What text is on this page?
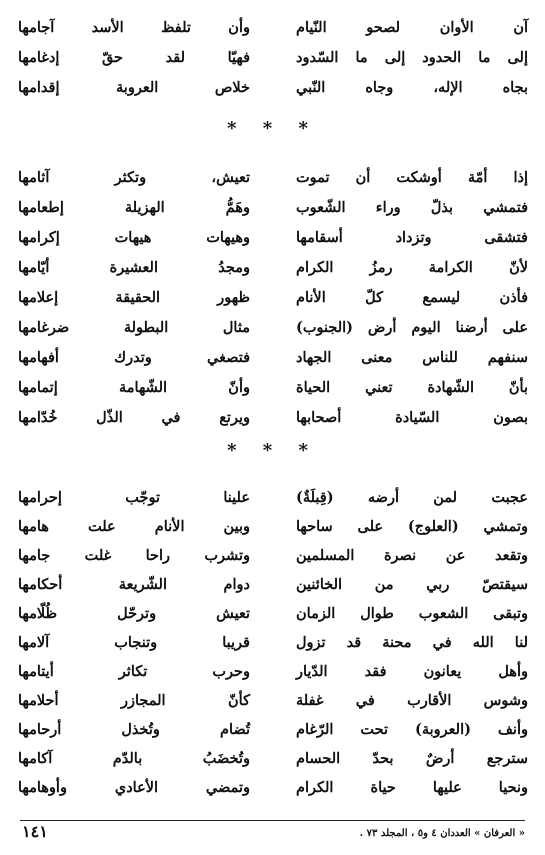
آن الأوان لصحو النّيام
وأن تلفظ الأسد آجامها
إلى ما الحدود إلى ما السّدود
فهيّا لقد حقّ إدغامها
بجاه الإله، وجاه النّبي
خلاص العروبة إقدامها
* * *
إذا أمّة أوشكت أن تموت
تعيش، وتكثر آثامها
فتمشي بذلّ وراء الشّعوب
وهَمُّ الهزيلة إطعامها
فتشقى وتزداد أسقامها
وهيهات هيهات إكرامها
لأنّ الكرامة رمزُ الكرام
ومجدُ العشيرة أيّامها
فأذن ليسمع كلّ الأنام
ظهور الحقيقة إعلامها
على أرضنا اليوم أرض (الجنوب)
مثال البطولة ضرغامها
سنفهم للناس معنى الجهاد
فتصغي وتدرك أفهامها
بأنّ الشّهادة تعني الحياة
وأنّ الشّهامة إتمامها
بصون السّيادة أصحابها
ويرتع في الذّل خُدّامها
* * *
عجبت لمن أرضه (قِبلَةٌ)
علينا توجّب إحرامها
وتمشي (العلوج) على ساحها
وبين الأنام علت هامها
وتقعد عن نصرة المسلمين
وتشرب راحا غلت جامها
سيقتصّ ربي من الخائنين
دوام الشّريعة أحكامها
وتبقى الشعوب طوال الزمان
تعيش وترحّل ظُلّامها
لنا الله في محنة قد تزول
قريبا وتنجاب آلامها
وأهل يعانون فقد الدّيار
وحرب تكاثر أيتامها
وشوس الأقارب في غفلة
كأنّ المجازر أحلامها
وأنف (العروبة) تحت الرّغام
تُضام وتُخذل أرحامها
سترجع أرضٌ بحدّ الحسام
وتُخضَبُ بالدّم آكامها
ونحيا عليها حياة الكرام
وتمضي الأعادي وأوهامها
١٤١	« العرفان » العددان ٤ و٥ ، المجلد ٧٣ .
